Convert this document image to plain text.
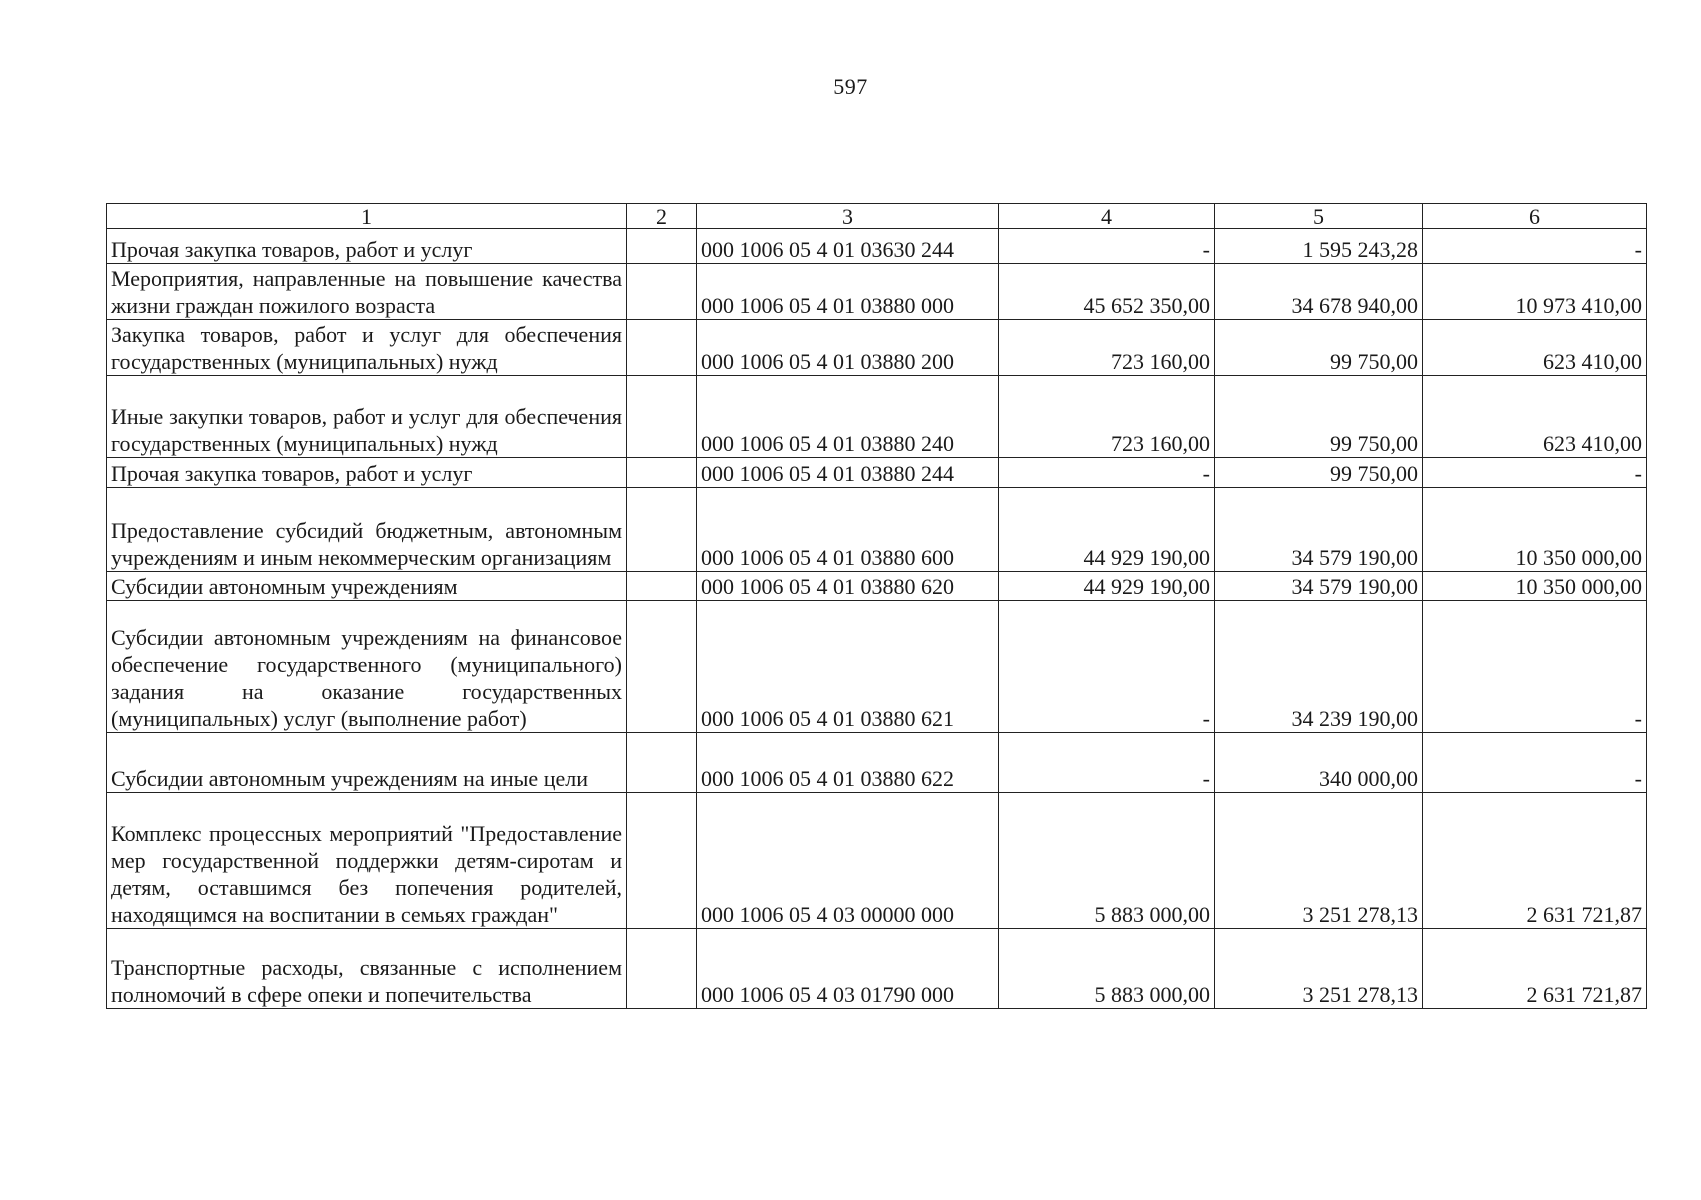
597
1	2	3	4	5	6
Прочая закупка товаров, работ и услуг		000 1006 05 4 01 03630 244	-	1 595 243,28	-
Мероприятия, направленные на повышение качества жизни граждан пожилого возраста		000 1006 05 4 01 03880 000	45 652 350,00	34 678 940,00	10 973 410,00
Закупка товаров, работ и услуг для обеспечения государственных (муниципальных) нужд		000 1006 05 4 01 03880 200	723 160,00	99 750,00	623 410,00
Иные закупки товаров, работ и услуг для обеспечения государственных (муниципальных) нужд		000 1006 05 4 01 03880 240	723 160,00	99 750,00	623 410,00
Прочая закупка товаров, работ и услуг		000 1006 05 4 01 03880 244	-	99 750,00	-
Предоставление субсидий бюджетным, автономным учреждениям и иным некоммерческим организациям		000 1006 05 4 01 03880 600	44 929 190,00	34 579 190,00	10 350 000,00
Субсидии автономным учреждениям		000 1006 05 4 01 03880 620	44 929 190,00	34 579 190,00	10 350 000,00
Субсидии автономным учреждениям на финансовое обеспечение государственного (муниципального) задания на оказание государственных (муниципальных) услуг (выполнение работ)		000 1006 05 4 01 03880 621	-	34 239 190,00	-
Субсидии автономным учреждениям на иные цели		000 1006 05 4 01 03880 622	-	340 000,00	-
Комплекс процессных мероприятий "Предоставление мер государственной поддержки детям-сиротам и детям, оставшимся без попечения родителей, находящимся на воспитании в семьях граждан"		000 1006 05 4 03 00000 000	5 883 000,00	3 251 278,13	2 631 721,87
Транспортные расходы, связанные с исполнением полномочий в сфере опеки и попечительства		000 1006 05 4 03 01790 000	5 883 000,00	3 251 278,13	2 631 721,87
